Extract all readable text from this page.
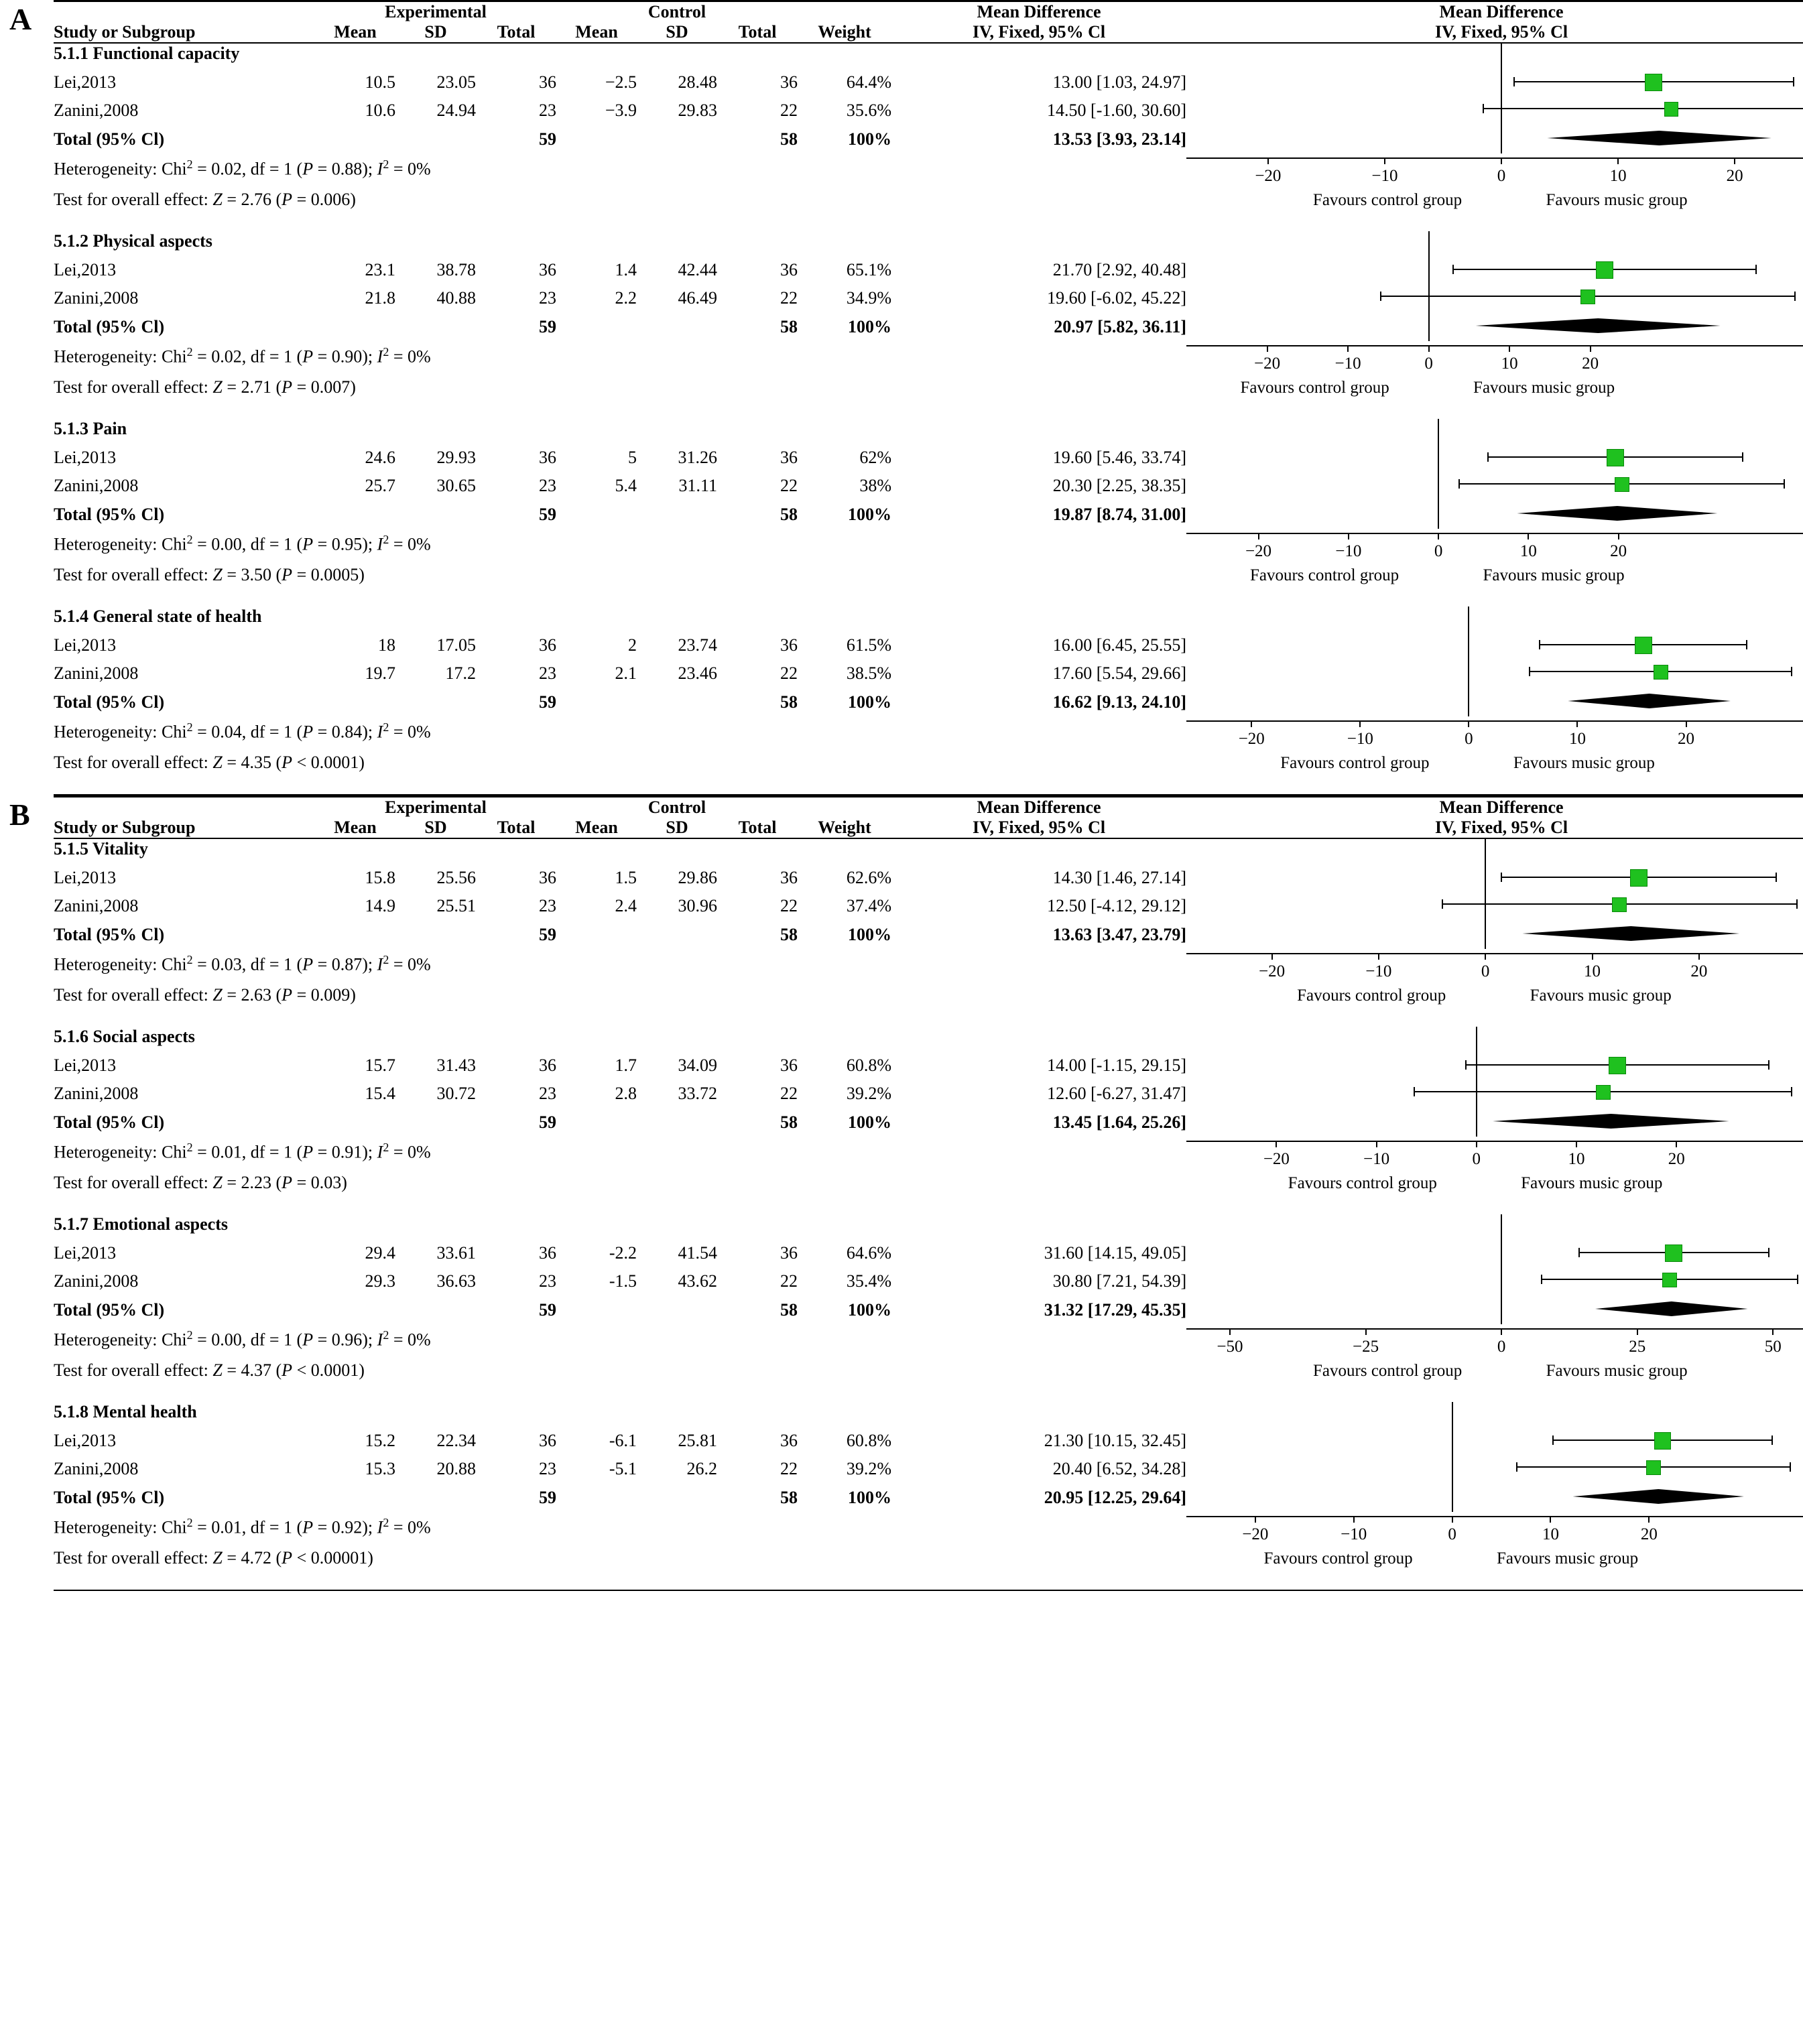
A
		Experimental			Control				Mean Difference	Mean Difference
Study or Subgroup	Mean	SD	Total	Mean	SD	Total	Weight	IV, Fixed, 95% Cl	IV, Fixed, 95% Cl
5.1.1 Functional capacity	

Lei,2013	10.5	23.05	36	−2.5	28.48	36	64.4%	13.00 [1.03, 24.97]	
Zanini,2008	10.6	24.94	23	−3.9	29.83	22	35.6%	14.50 [-1.60, 30.60]	
Total (95% Cl)			59			58	100%	13.53 [3.93, 23.14]	
Heterogeneity: Chi$^2$ = 0.02, df = 1 (P = 0.88); $I^2 = 0\%$	−20	−10	0	10	20
Favours control group	Favours music group

Test for overall effect: Z = 2.76 (P = 0.006)									
5.1.2 Physical aspects	

Lei,2013	23.1	38.78	36	1.4	42.44	36	65.1%	21.70 [2.92, 40.48]	
Zanini,2008	21.8	40.88	23	2.2	46.49	22	34.9%	19.60 [-6.02, 45.22]	
Total (95% Cl)			59			58	100%	20.97 [5.82, 36.11]	
Heterogeneity: Chi$^2$ = 0.02, df = 1 (P = 0.90); $I^2 = 0\%$	−20	−10	0	10	20
Favours control group	Favours music group

Test for overall effect: Z = 2.71 (P = 0.007)									
5.1.3 Pain	

Lei,2013	24.6	29.93	36	5	31.26	36	62%	19.60 [5.46, 33.74]	
Zanini,2008	25.7	30.65	23	5.4	31.11	22	38%	20.30 [2.25, 38.35]	
Total (95% Cl)			59			58	100%	19.87 [8.74, 31.00]	
Heterogeneity: Chi$^2$ = 0.00, df = 1 (P = 0.95); $I^2 = 0\%$	−20	−10	0	10	20
Favours control group	Favours music group

Test for overall effect: Z = 3.50 (P = 0.0005)									
5.1.4 General state of health	

Lei,2013	18	17.05	36	2	23.74	36	61.5%	16.00 [6.45, 25.55]	
Zanini,2008	19.7	17.2	23	2.1	23.46	22	38.5%	17.60 [5.54, 29.66]	
Total (95% Cl)			59			58	100%	16.62 [9.13, 24.10]	
Heterogeneity: Chi$^2$ = 0.04, df = 1 (P = 0.84); $I^2 = 0\%$	−20	−10	0	10	20
Favours control group	Favours music group

Test for overall effect: Z = 4.35 (P < 0.0001)									
B
		Experimental			Control				Mean Difference	Mean Difference
Study or Subgroup	Mean	SD	Total	Mean	SD	Total	Weight	IV, Fixed, 95% Cl	IV, Fixed, 95% Cl
5.1.5 Vitality	

Lei,2013	15.8	25.56	36	1.5	29.86	36	62.6%	14.30 [1.46, 27.14]	
Zanini,2008	14.9	25.51	23	2.4	30.96	22	37.4%	12.50 [-4.12, 29.12]	
Total (95% Cl)			59			58	100%	13.63 [3.47, 23.79]	
Heterogeneity: Chi$^2$ = 0.03, df = 1 (P = 0.87); $I^2 = 0\%$	−20	−10	0	10	20
Favours control group	Favours music group

Test for overall effect: Z = 2.63 (P = 0.009)									
5.1.6 Social aspects	

Lei,2013	15.7	31.43	36	1.7	34.09	36	60.8%	14.00 [-1.15, 29.15]	
Zanini,2008	15.4	30.72	23	2.8	33.72	22	39.2%	12.60 [-6.27, 31.47]	
Total (95% Cl)			59			58	100%	13.45 [1.64, 25.26]	
Heterogeneity: Chi$^2$ = 0.01, df = 1 (P = 0.91); $I^2 = 0\%$	−20	−10	0	10	20
Favours control group	Favours music group

Test for overall effect: Z = 2.23 (P = 0.03)									
5.1.7 Emotional aspects	

Lei,2013	29.4	33.61	36	-2.2	41.54	36	64.6%	31.60 [14.15, 49.05]	
Zanini,2008	29.3	36.63	23	-1.5	43.62	22	35.4%	30.80 [7.21, 54.39]	
Total (95% Cl)			59			58	100%	31.32 [17.29, 45.35]	
Heterogeneity: Chi$^2$ = 0.00, df = 1 (P = 0.96); $I^2 = 0\%$	−50	−25	0	25	50
Favours control group	Favours music group

Test for overall effect: Z = 4.37 (P < 0.0001)									
5.1.8 Mental health	

Lei,2013	15.2	22.34	36	-6.1	25.81	36	60.8%	21.30 [10.15, 32.45]	
Zanini,2008	15.3	20.88	23	-5.1	26.2	22	39.2%	20.40 [6.52, 34.28]	
Total (95% Cl)			59			58	100%	20.95 [12.25, 29.64]	
Heterogeneity: Chi$^2$ = 0.01, df = 1 (P = 0.92); $I^2 = 0\%$	−20	−10	0	10	20
Favours control group	Favours music group

Test for overall effect: Z = 4.72 (P < 0.00001)									
